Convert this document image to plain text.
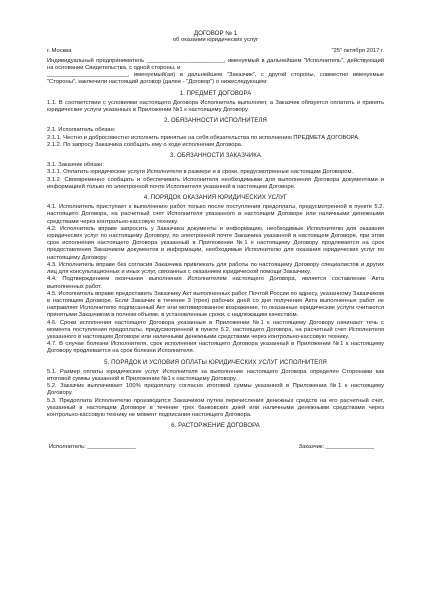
ДОГОВОР № 1
об оказании юридических услуг
г. Москва	"25" октября 2017 г.

Индивидуальный предприниматель ________________________, именуемый в дальнейшем "Исполнитель", действующий на основании Свидетельства, с одной стороны, и

_________________________, именуемый(ая) в дальнейшем "Заказчик", с другой стороны, совместно именуемые "Стороны", заключили настоящий договор (далее - "Договор") о нижеследующем:

1. ПРЕДМЕТ ДОГОВОРА

1.1. В соответствии с условиями настоящего Договора Исполнитель выполняет, а Заказчик обязуется оплатить и принять юридические услуги указанных в Приложении №1 к настоящему Договору.

2. ОБЯЗАННОСТИ ИСПОЛНИТЕЛЯ

2.1. Исполнитель обязан:

2.1.1. Честно и добросовестно исполнить принятые на себя обязательства по исполнению ПРЕДМЕТА ДОГОВОРА.

2.1.2. По запросу Заказчика сообщать ему о ходе исполнения Договора.

3. ОБЯЗАННОСТИ ЗАКАЗЧИКА

3.1. Заказчик обязан:

3.1.1. Оплатить юридические услуги Исполнителя в размере и в сроки, предусмотренные настоящим Договором.

3.1.2. Своевременно сообщать и обеспечивать Исполнителя необходимыми для выполнения Договора документами и информацией только по электронной почте Исполнителя указанной в настоящем Договоре.

4. ПОРЯДОК ОКАЗАНИЯ ЮРИДИЧЕСКИХ УСЛУГ

4.1. Исполнитель приступает к выполнению работ только после поступления предоплаты, предусмотренной в пункте 5.2. настоящего Договора, на расчетный счет Исполнителя указанного в настоящем Договоре или наличными денежными средствами через контрольно-кассовую технику.

4.2. Исполнитель вправе запросить у Заказчика документы и информацию, необходимые Исполнителю для оказания юридических услуг по настоящему Договору, по электронной почте Заказчика указанной в настоящем Договоре, при этом срок исполнения настоящего Договора указанный в Приложении №1 к настоящему Договору продлевается на срок предоставления Заказчиком документов и информации, необходимые Исполнителю для оказания юридических услуг по настоящему Договору.

4.3. Исполнитель вправе без согласия Заказчика привлекать для работы по настоящему Договору специалистов и других лиц для консультационных и иных услуг, связанных с оказанием юридической помощи Заказчику.

4.4. Подтверждением окончания выполнения Исполнителем настоящего Договора, является составление Акта выполненных работ.

4.5. Исполнитель вправе предоставить Заказчику Акт выполненных работ Почтой России по адресу, указанному Заказчиком в настоящем Договоре. Если Заказчик в течение 3 (трех) рабочих дней со дня получения Акта выполненных работ не направляет Исполнителю подписанный Акт или мотивированное возражение, то оказанные юридические услуги считаются принятыми Заказчиком в полном объеме, в установленные сроки, с надлежащим качеством.

4.6. Сроки исполнения настоящего Договора указанные в Приложении №1 к настоящему Договору начинают течь с момента поступления предоплаты, предусмотренной в пункте 5.2. настоящего Договора, на расчетный счет Исполнителя указанного в настоящем Договоре или наличными денежными средствами через контрольно-кассовую технику.

4.7. В случае болезни Исполнителя, срок исполнения настоящего Договора указанный в Приложении №1 к настоящему Договору продлевается на срок болезни Исполнителя.

5. ПОРЯДОК И УСЛОВИЯ ОПЛАТЫ ЮРИДИЧЕСКИХ УСЛУГ ИСПОЛНИТЕЛЯ

5.1. Размер оплаты юридических услуг Исполнителя за выполнение настоящего Договора определен Сторонами как итоговой суммы указанной в Приложении №1 к настоящему Договору.

5.2. Заказчик выплачивает 100% предоплату согласно итоговой суммы указанной в Приложении №1 к настоящему Договору.

5.3. Предоплата Исполнителю производится Заказчиком путем перечисления денежных средств на его расчетный счет, указанный в настоящем Договоре в течение трех банковских дней или наличными денежными средствами через контрольно-кассовую технику не момент подписания настоящего Договора.

6. РАСТОРЖЕНИЕ ДОГОВОРА
Исполнитель: _______________	Заказчик: _______________
